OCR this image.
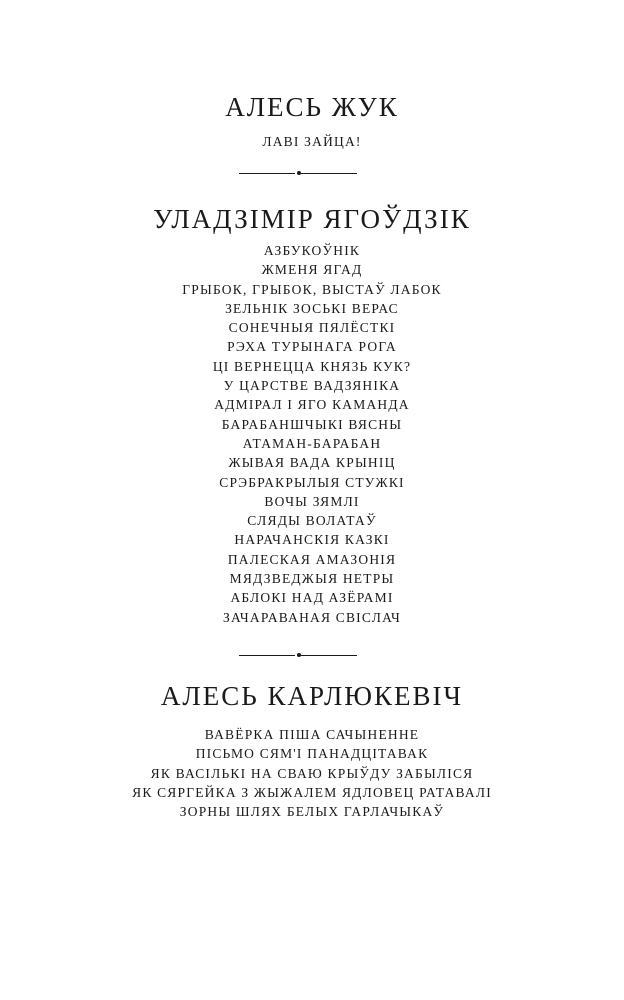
АЛЕСЬ ЖУК
ЛАВІ ЗАЙЦА!
УЛАДЗІМІР ЯГОЎДЗІК
АЗБУКОЎНІК
ЖМЕНЯ ЯГАД
ГРЫБОК, ГРЫБОК, ВЫСТАЎ ЛАБОК
ЗЕЛЬНІК ЗОСЬКІ ВЕРАС
СОНЕЧНЫЯ ПЯЛЁСТКІ
РЭХА ТУРЫНАГА РОГА
ЦІ ВЕРНЕЦЦА КНЯЗЬ КУК?
У ЦАРСТВЕ ВАДЗЯНІКА
АДМІРАЛ І ЯГО КАМАНДА
БАРАБАНШЧЫКІ ВЯСНЫ
АТАМАН-БАРАБАН
ЖЫВАЯ ВАДА КРЫНІЦ
СРЭБРАКРЫЛЫЯ СТУЖКІ
ВОЧЫ ЗЯМЛІ
СЛЯДЫ ВОЛАТАЎ
НАРАЧАНСКІЯ КАЗКІ
ПАЛЕСКАЯ АМАЗОНІЯ
МЯДЗВЕДЖЫЯ НЕТРЫ
АБЛОКІ НАД АЗЁРАМІ
ЗАЧАРАВАНАЯ СВІСЛАЧ
АЛЕСЬ КАРЛЮКЕВІЧ
ВАВЁРКА ПІША САЧЫНЕННЕ
ПІСЬМО СЯМ'І ПАНАДЦІТАВАК
ЯК ВАСІЛЬКІ НА СВАЮ КРЫЎДУ ЗАБЫЛІСЯ
ЯК СЯРГЕЙКА З ЖЫЖАЛЕМ ЯДЛОВЕЦ РАТАВАЛІ
ЗОРНЫ ШЛЯХ БЕЛЫХ ГАРЛАЧЫКАЎ
